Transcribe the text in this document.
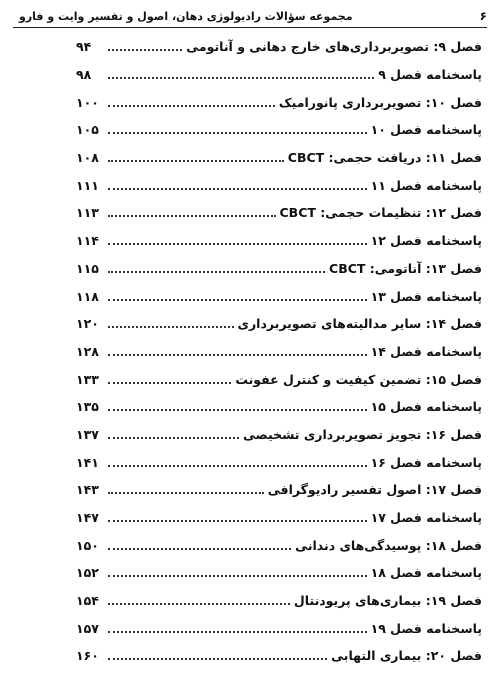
۶
مجموعه سؤالات رادیولوژی دهان، اصول و تفسیر وایت و فارو
فصل ۹: تصویربرداری‌های خارج دهانی و آناتومی
۹۴
پاسخنامه فصل ۹
۹۸
فصل ۱۰: تصویربرداری پانورامیک
۱۰۰
پاسخنامه فصل ۱۰
۱۰۵
فصل ۱۱: دریافت حجمی: CBCT
۱۰۸
پاسخنامه فصل ۱۱
۱۱۱
فصل ۱۲: تنظیمات حجمی: CBCT
۱۱۳
پاسخنامه فصل ۱۲
۱۱۴
فصل ۱۳: آناتومی: CBCT
۱۱۵
پاسخنامه فصل ۱۳
۱۱۸
فصل ۱۴: سایر مدالیته‌های تصویربرداری
۱۲۰
پاسخنامه فصل ۱۴
۱۲۸
فصل ۱۵: تضمین کیفیت و کنترل عفونت
۱۳۳
پاسخنامه فصل ۱۵
۱۳۵
فصل ۱۶: تجویز تصویربرداری تشخیصی
۱۳۷
پاسخنامه فصل ۱۶
۱۴۱
فصل ۱۷: اصول تفسیر رادیوگرافی
۱۴۳
پاسخنامه فصل ۱۷
۱۴۷
فصل ۱۸: پوسیدگی‌های دندانی
۱۵۰
پاسخنامه فصل ۱۸
۱۵۲
فصل ۱۹: بیماری‌های پریودنتال
۱۵۴
پاسخنامه فصل ۱۹
۱۵۷
فصل ۲۰: بیماری التهابی
۱۶۰
